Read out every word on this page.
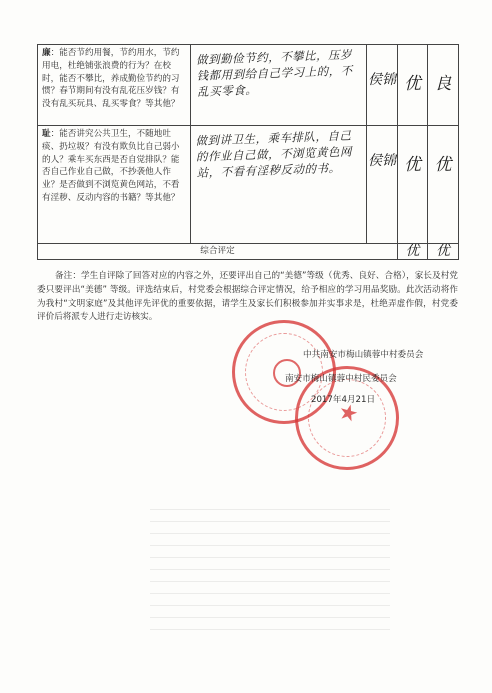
廉：能否节约用餐，节约用水，节约用电，杜绝铺张浪费的行为？在校时，能否不攀比，养成勤俭节约的习惯？春节期间有没有乱花压岁钱？有没有乱买玩具、乱买零食？等其他？	做到勤俭节约，不攀比，压岁钱都用到给自己学习上的，不乱买零食。	侯锦	优	良

耻：能否讲究公共卫生，不随地吐痰、扔垃圾？有没有欺负比自己弱小的人？乘车买东西是否自觉排队？能否自己作业自己做，不抄袭他人作业？是否做到不浏览黄色网站，不看有淫秽、反动内容的书籍？等其他？	做到讲卫生，乘车排队，自己的作业自己做，不浏览黄色网站，不看有淫秽反动的书。	侯锦	优	优

综合评定			优	优
备注：学生自评除了回答对应的内容之外，还要评出自己的“美德”等级（优秀、良好、合格），家长及村党委只要评出“美德” 等级。评选结束后，村党委会根据综合评定情况，给予相应的学习用品奖励。此次活动将作为我村“文明家庭”及其他评先评优的重要依据，请学生及家长们积极参加并实事求是，杜绝弄虚作假，村党委评价后将派专人进行走访核实。
★
中共南安市梅山镇蓉中村委员会
南安市梅山镇蓉中村民委员会
2017年4月21日
